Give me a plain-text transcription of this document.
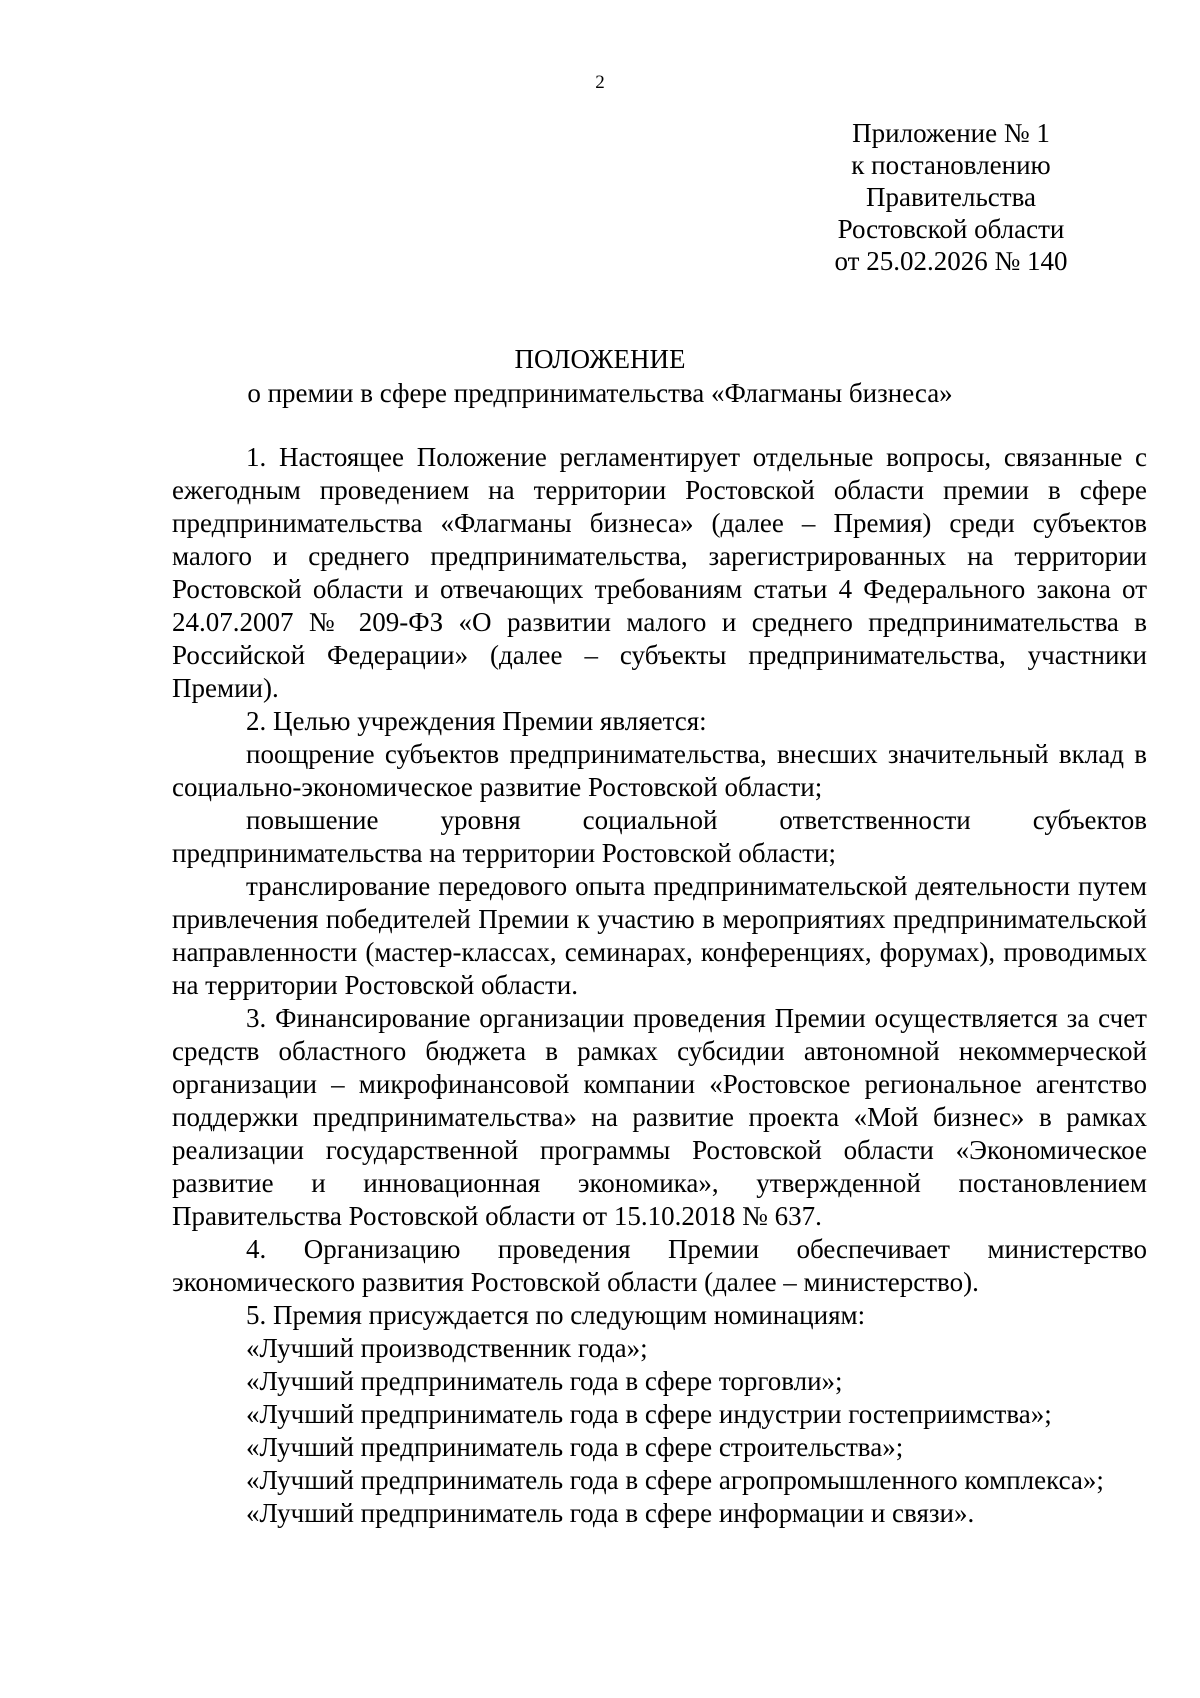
2
Приложение № 1
к постановлению
Правительства
Ростовской области
от 25.02.2026 № 140
ПОЛОЖЕНИЕ
о премии в сфере предпринимательства «Флагманы бизнеса»

1. Настоящее Положение регламентирует отдельные вопросы, связанные с ежегодным проведением на территории Ростовской области премии в сфере предпринимательства «Флагманы бизнеса» (далее – Премия) среди субъектов малого и среднего предпринимательства, зарегистрированных на территории Ростовской области и отвечающих требованиям статьи 4 Федерального закона от 24.07.2007 № 209-ФЗ «О развитии малого и среднего предпринимательства в Российской Федерации» (далее – субъекты предпринимательства, участники Премии).

2. Целью учреждения Премии является:

поощрение субъектов предпринимательства, внесших значительный вклад в социально-экономическое развитие Ростовской области;

повышение уровня социальной ответственности субъектов предпринимательства на территории Ростовской области;

транслирование передового опыта предпринимательской деятельности путем привлечения победителей Премии к участию в мероприятиях предпринимательской направленности (мастер-классах, семинарах, конференциях, форумах), проводимых на территории Ростовской области.

3. Финансирование организации проведения Премии осуществляется за счет средств областного бюджета в рамках субсидии автономной некоммерческой организации – микрофинансовой компании «Ростовское региональное агентство поддержки предпринимательства» на развитие проекта «Мой бизнес» в рамках реализации государственной программы Ростовской области «Экономическое развитие и инновационная экономика», утвержденной постановлением Правительства Ростовской области от 15.10.2018 № 637.

4. Организацию проведения Премии обеспечивает министерство экономического развития Ростовской области (далее – министерство).

5. Премия присуждается по следующим номинациям:

«Лучший производственник года»;

«Лучший предприниматель года в сфере торговли»;

«Лучший предприниматель года в сфере индустрии гостеприимства»;

«Лучший предприниматель года в сфере строительства»;

«Лучший предприниматель года в сфере агропромышленного комплекса»;

«Лучший предприниматель года в сфере информации и связи».
